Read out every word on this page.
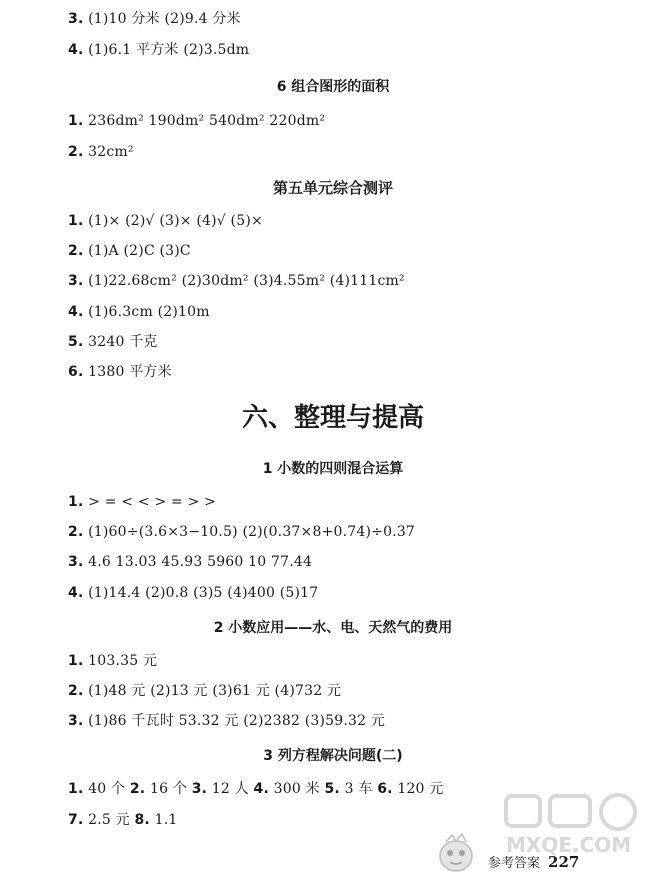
3. (1)10 分米 (2)9.4 分米
4. (1)6.1 平方米 (2)3.5dm
6 组合图形的面积
1. 236dm² 190dm² 540dm² 220dm²
2. 32cm²
第五单元综合测评
1. (1)× (2)√ (3)× (4)√ (5)×
2. (1)A (2)C (3)C
3. (1)22.68cm² (2)30dm² (3)4.55m² (4)111cm²
4. (1)6.3cm (2)10m
5. 3240 千克
6. 1380 平方米
六、整理与提高
1 小数的四则混合运算
1. > = < < > = > >
2. (1)60÷(3.6×3−10.5) (2)(0.37×8+0.74)÷0.37
3. 4.6 13.03 45.93 5960 10 77.44
4. (1)14.4 (2)0.8 (3)5 (4)400 (5)17
2 小数应用——水、电、天然气的费用
1. 103.35 元
2. (1)48 元 (2)13 元 (3)61 元 (4)732 元
3. (1)86 千瓦时 53.32 元 (2)2382 (3)59.32 元
3 列方程解决问题(二)
1. 40 个 2. 16 个 3. 12 人 4. 300 米 5. 3 车 6. 120 元
7. 2.5 元 8. 1.1
MXQE.COM
参考答案 227
